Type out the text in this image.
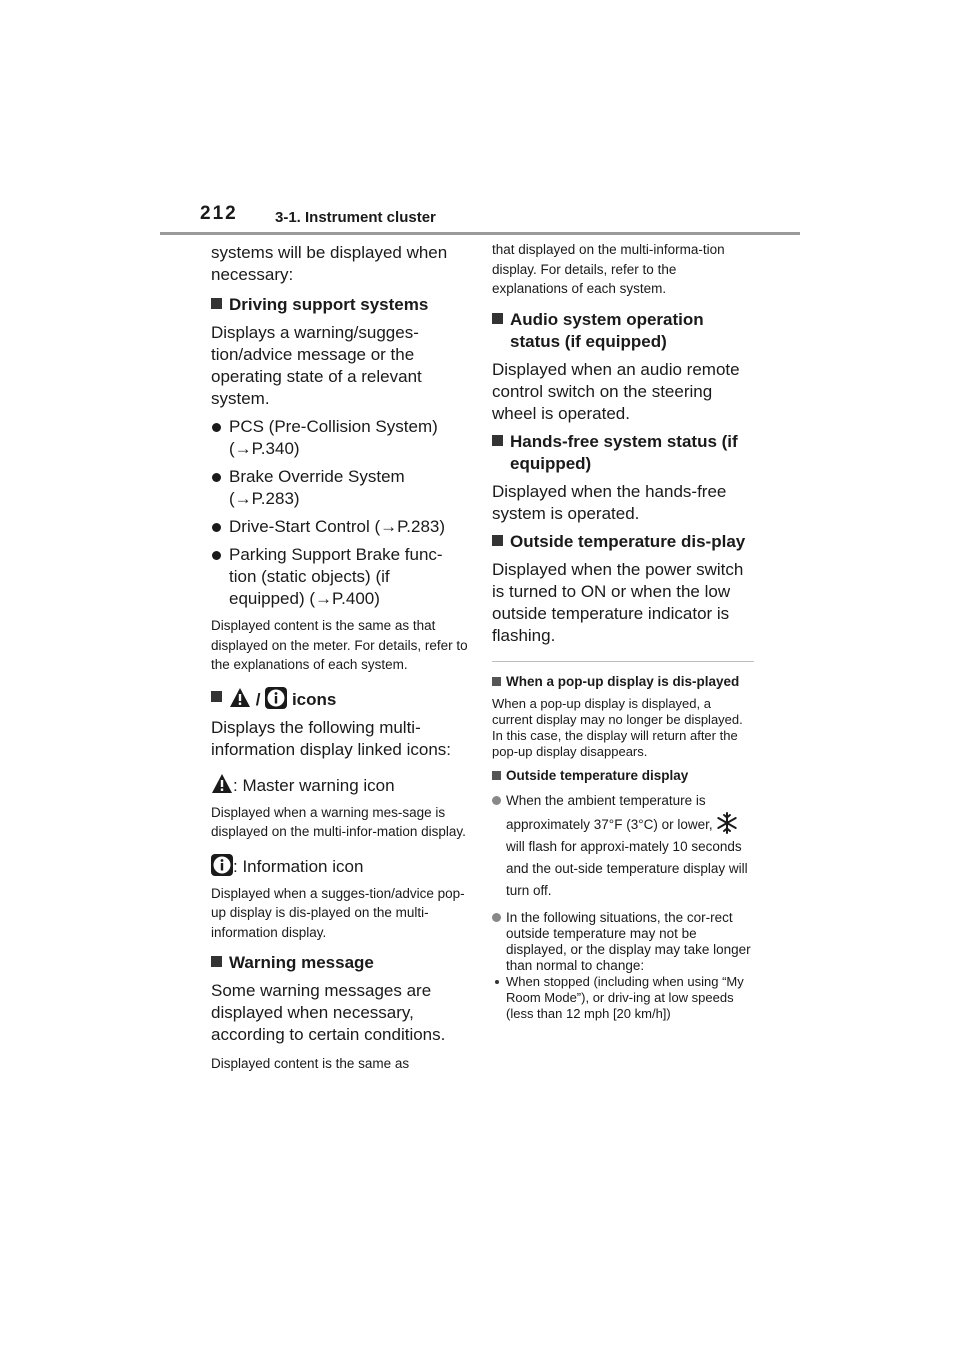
212 3-1. Instrument cluster

systems will be displayed when necessary:

Driving support systems

Displays a warning/sugges-tion/advice message or the operating state of a relevant system.

PCS (Pre-Collision System)
(→P.340)

Brake Override System
(→P.283)

Drive-Start Control (→P.283)

Parking Support Brake func-tion (static objects) (if equipped) (→P.400)

Displayed content is the same as that displayed on the meter. For details, refer to the explanations of each system.

/ icons

Displays the following multi-information display linked icons:

: Master warning icon

Displayed when a warning mes-sage is displayed on the multi-infor-mation display.

: Information icon

Displayed when a sugges-tion/advice pop-up display is dis-played on the multi-information display.

Warning message

Some warning messages are displayed when necessary, according to certain conditions.

Displayed content is the same as

that displayed on the multi-informa-tion display. For details, refer to the explanations of each system.

Audio system operation status (if equipped)

Displayed when an audio remote control switch on the steering wheel is operated.

Hands-free system status (if equipped)

Displayed when the hands-free system is operated.

Outside temperature dis-play

Displayed when the power switch is turned to ON or when the low outside temperature indicator is flashing.

When a pop-up display is dis-played

When a pop-up display is displayed, a current display may no longer be displayed. In this case, the display will return after the pop-up display disappears.

Outside temperature display

When the ambient temperature is approximately 37°F (3°C) or lower,  will flash for approxi-mately 10 seconds and the out-side temperature display will turn off.

In the following situations, the cor-rect outside temperature may not be displayed, or the display may take longer than normal to change:

When stopped (including when using “My Room Mode”), or driv-ing at low speeds (less than 12 mph [20 km/h])
